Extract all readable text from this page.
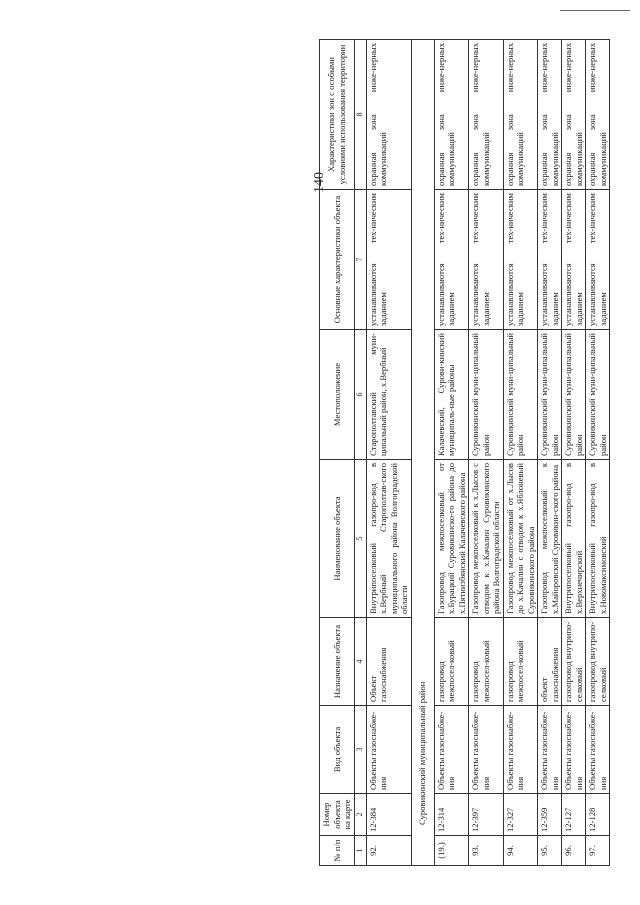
140
№ п/п	Номер объекта на карте	Вид объекта	Назначение объекта	Наименование объекта	Местоположение	Основные характеристики объекта	Характеристики зон с особыми условиями использования территории
1	2	3	4	5	6	7	8
92.	12-384	Объекты газоснабже-ния	Объект газоснабжения	Внутрипоселковый газопро-вод в х.Вербный Старополтав-ского муниципального района Волгоградской области	Старополтавский муни-ципальный район, х.Вербный	устанавливаются тех-ническим заданием	охранная зона инже-нерных коммуникаций
Суровикинский муниципальный район							
(19.)	12-314	Объекты газоснабже-ния	газопровод межпосел-ковый	Газопровод межпоселковый от х.Бурацкий Суровикинско-го района до х.Пятиизбянский Калачевского района	Калачевский, Сурови-кинский муниципаль-ные районы	устанавливаются тех-ническим заданием	охранная зона инже-нерных коммуникаций
93.	12-397	Объекты газоснабже-ния	газопровод межпосел-ковый	Газопровод межпоселковый к х.Лысов с отводом к х.Качалин Суровикинского района Волгоградской области	Суровикинский муни-ципальный район	устанавливаются тех-ническим заданием	охранная зона инже-нерных коммуникаций
94.	12-327	Объекты газоснабже-ния	газопровод межпосел-ковый	Газопровод межпоселковый от х.Лысов до х.Качалин с отводом к х.Яблоневый Суровикинского района	Суровикинский муни-ципальный район	устанавливаются тех-ническим заданием	охранная зона инже-нерных коммуникаций
95.	12-359	Объекты газоснабже-ния	объект газоснабжения	Газопровод межпоселковый к х.Майоровский Суровикин-ского района	Суровикинский муни-ципальный район	устанавливаются тех-ническим заданием	охранная зона инже-нерных коммуникаций
96.	12-127	Объекты газоснабже-ния	газопровод внутрипо-селковый	Внутрипоселковый газопро-вод в х.Верхнечирский	Суровикинский муни-ципальный район	устанавливаются тех-ническим заданием	охранная зона инже-нерных коммуникаций
97.	12-128	Объекты газоснабже-ния	газопровод внутрипо-селковый	Внутрипоселковый газопро-вод в х.Новомаксимовский	Суровикинский муни-ципальный район	устанавливаются тех-ническим заданием	охранная зона инже-нерных коммуникаций
